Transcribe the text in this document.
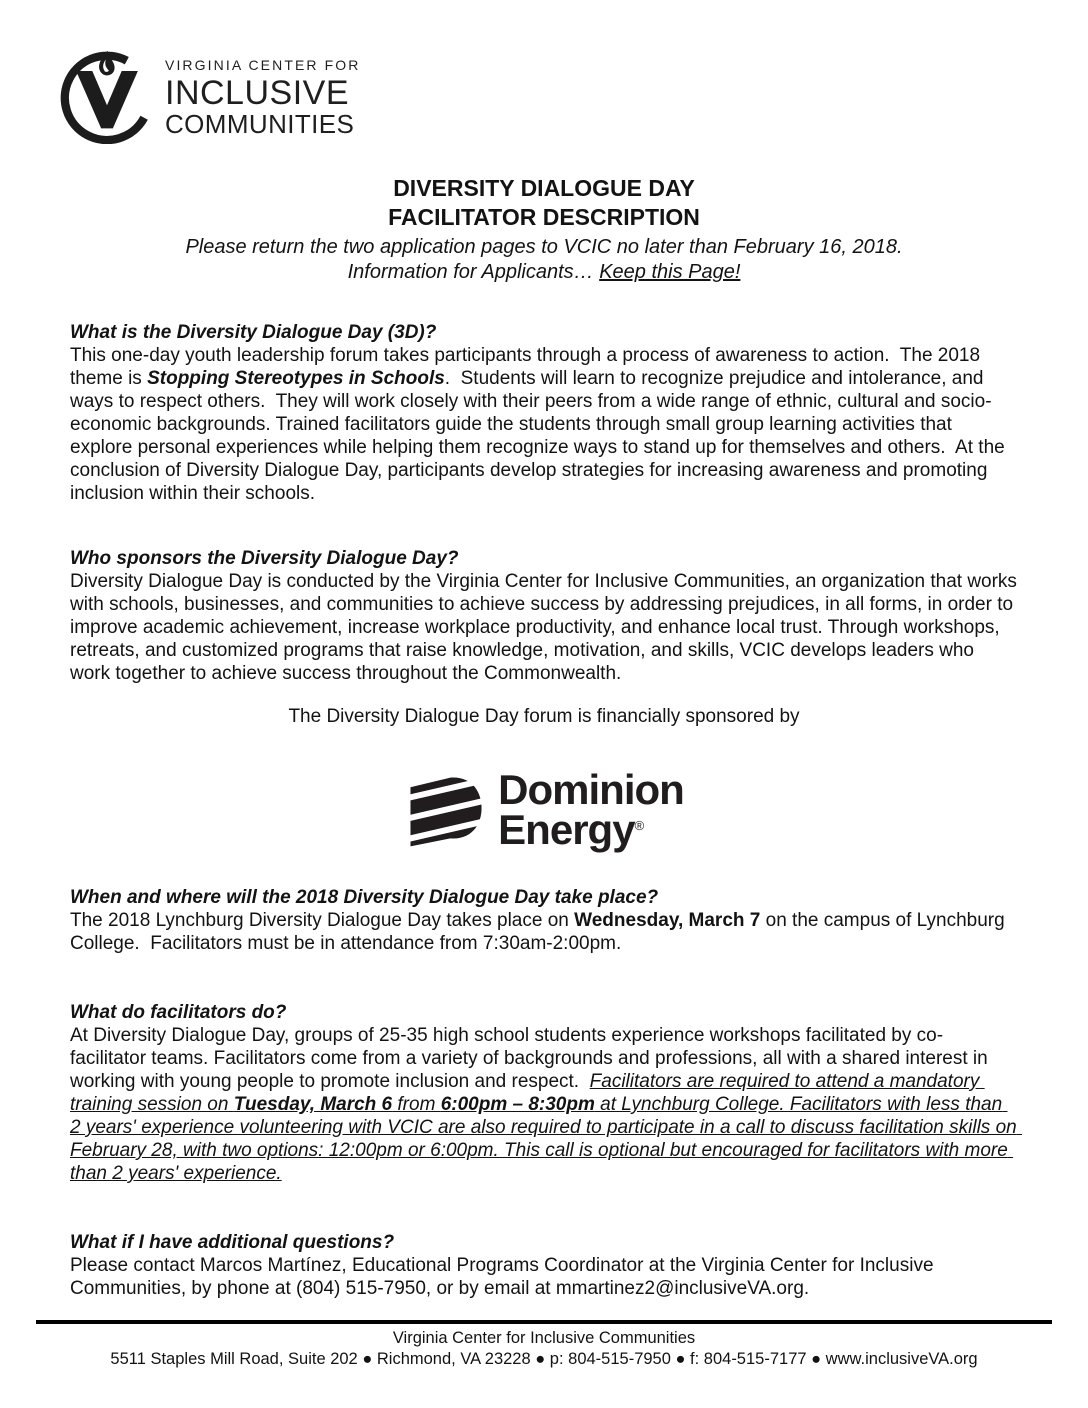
VIRGINIA CENTER FOR
INCLUSIVE
COMMUNITIES
DIVERSITY DIALOGUE DAY
FACILITATOR DESCRIPTION

Please return the two application pages to VCIC no later than February 16, 2018.

Information for Applicants… Keep this Page!

What is the Diversity Dialogue Day (3D)?

This one-day youth leadership forum takes participants through a process of awareness to action.  The 2018 theme is Stopping Stereotypes in Schools.  Students will learn to recognize prejudice and intolerance, and ways to respect others.  They will work closely with their peers from a wide range of ethnic, cultural and socio-economic backgrounds. Trained facilitators guide the students through small group learning activities that explore personal experiences while helping them recognize ways to stand up for themselves and others.  At the conclusion of Diversity Dialogue Day, participants develop strategies for increasing awareness and promoting inclusion within their schools.

Who sponsors the Diversity Dialogue Day?

Diversity Dialogue Day is conducted by the Virginia Center for Inclusive Communities, an organization that works with schools, businesses, and communities to achieve success by addressing prejudices, in all forms, in order to improve academic achievement, increase workplace productivity, and enhance local trust. Through workshops, retreats, and customized programs that raise knowledge, motivation, and skills, VCIC develops leaders who work together to achieve success throughout the Commonwealth.

The Diversity Dialogue Day forum is financially sponsored by

Dominion
Energy®
When and where will the 2018 Diversity Dialogue Day take place?

The 2018 Lynchburg Diversity Dialogue Day takes place on Wednesday, March 7 on the campus of Lynchburg College.  Facilitators must be in attendance from 7:30am-2:00pm.

What do facilitators do?

At Diversity Dialogue Day, groups of 25-35 high school students experience workshops facilitated by co-facilitator teams. Facilitators come from a variety of backgrounds and professions, all with a shared interest in working with young people to promote inclusion and respect.  Facilitators are required to attend a mandatory training session on Tuesday, March 6 from 6:00pm – 8:30pm at Lynchburg College. Facilitators with less than 2 years' experience volunteering with VCIC are also required to participate in a call to discuss facilitation skills on February 28, with two options: 12:00pm or 6:00pm. This call is optional but encouraged for facilitators with more than 2 years' experience.

What if I have additional questions?

Please contact Marcos Martínez, Educational Programs Coordinator at the Virginia Center for Inclusive Communities, by phone at (804) 515-7950, or by email at mmartinez2@inclusiveVA.org.

Virginia Center for Inclusive Communities
5511 Staples Mill Road, Suite 202 ● Richmond, VA 23228 ● p: 804-515-7950 ● f: 804-515-7177 ● www.inclusiveVA.org
